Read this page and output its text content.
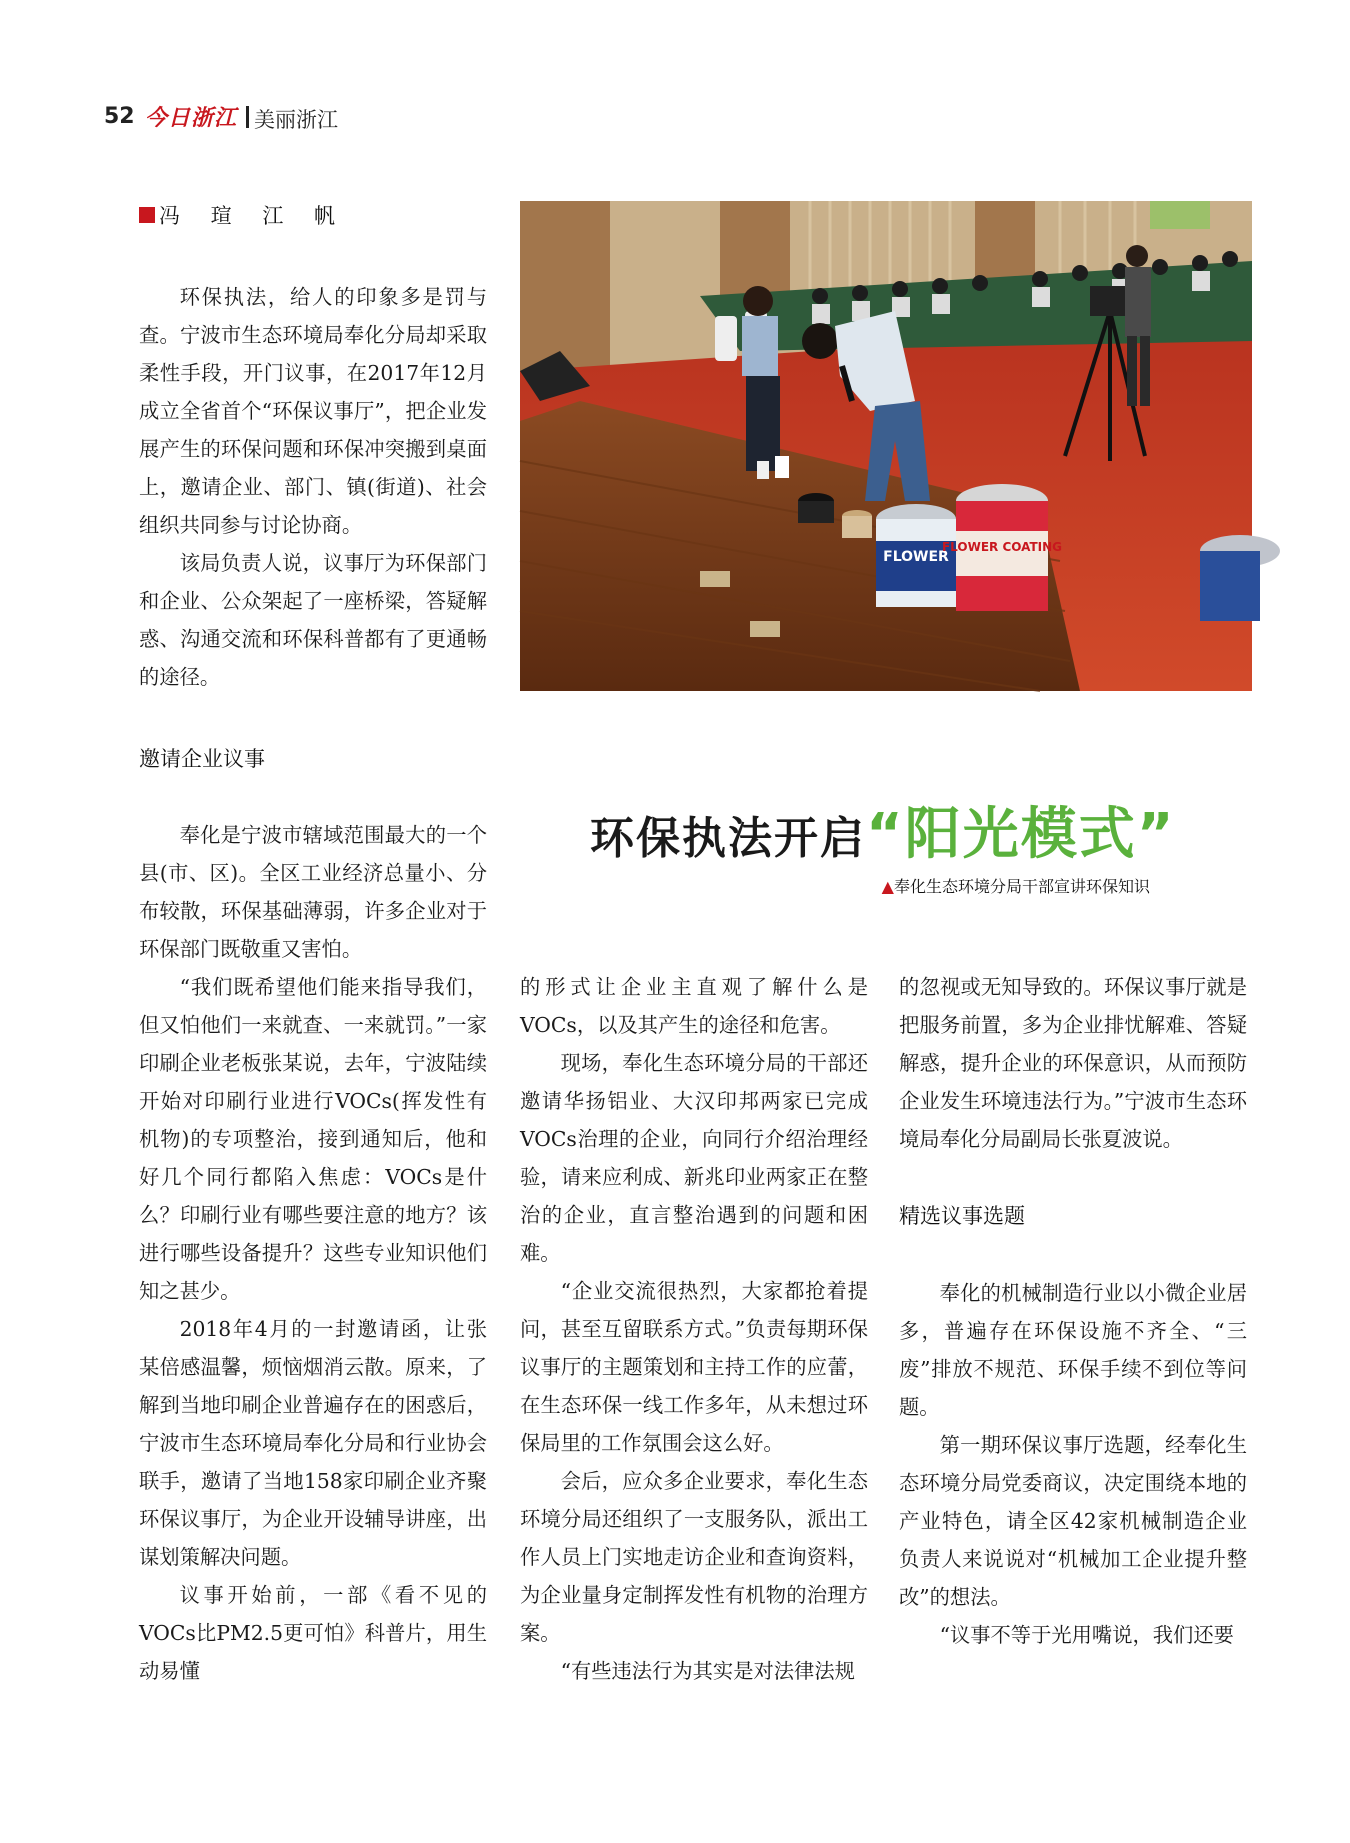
52 今日浙江 美丽浙江
冯 瑄 江 帆

环保执法，给人的印象多是罚与查。宁波市生态环境局奉化分局却采取柔性手段，开门议事，在2017年12月成立全省首个“环保议事厅”，把企业发展产生的环保问题和环保冲突搬到桌面上，邀请企业、部门、镇(街道)、社会组织共同参与讨论协商。

该局负责人说，议事厅为环保部门和企业、公众架起了一座桥梁，答疑解惑、沟通交流和环保科普都有了更通畅的途径。

邀请企业议事

奉化是宁波市辖域范围最大的一个县(市、区)。全区工业经济总量小、分布较散，环保基础薄弱，许多企业对于环保部门既敬重又害怕。

“我们既希望他们能来指导我们，但又怕他们一来就查、一来就罚。”一家印刷企业老板张某说，去年，宁波陆续开始对印刷行业进行VOCs(挥发性有机物)的专项整治，接到通知后，他和好几个同行都陷入焦虑：VOCs是什么？印刷行业有哪些要注意的地方？该进行哪些设备提升？这些专业知识他们知之甚少。

2018年4月的一封邀请函，让张某倍感温馨，烦恼烟消云散。原来，了解到当地印刷企业普遍存在的困惑后，宁波市生态环境局奉化分局和行业协会联手，邀请了当地158家印刷企业齐聚环保议事厅，为企业开设辅导讲座，出谋划策解决问题。

议事开始前，一部《看不见的VOCs比PM2.5更可怕》科普片，用生动易懂

FLOWER
FLOWER COATING
▲奉化生态环境分局干部宣讲环保知识
环保执法开启“阳光模式”

的形式让企业主直观了解什么是VOCs，以及其产生的途径和危害。

现场，奉化生态环境分局的干部还邀请华扬铝业、大汉印邦两家已完成VOCs治理的企业，向同行介绍治理经验，请来应利成、新兆印业两家正在整治的企业，直言整治遇到的问题和困难。

“企业交流很热烈，大家都抢着提问，甚至互留联系方式。”负责每期环保议事厅的主题策划和主持工作的应蕾，在生态环保一线工作多年，从未想过环保局里的工作氛围会这么好。

会后，应众多企业要求，奉化生态环境分局还组织了一支服务队，派出工作人员上门实地走访企业和查询资料，为企业量身定制挥发性有机物的治理方案。

“有些违法行为其实是对法律法规

的忽视或无知导致的。环保议事厅就是把服务前置，多为企业排忧解难、答疑解惑，提升企业的环保意识，从而预防企业发生环境违法行为。”宁波市生态环境局奉化分局副局长张夏波说。

精选议事选题

奉化的机械制造行业以小微企业居多，普遍存在环保设施不齐全、“三废”排放不规范、环保手续不到位等问题。

第一期环保议事厅选题，经奉化生态环境分局党委商议，决定围绕本地的产业特色，请全区42家机械制造企业负责人来说说对“机械加工企业提升整改”的想法。

“议事不等于光用嘴说，我们还要
